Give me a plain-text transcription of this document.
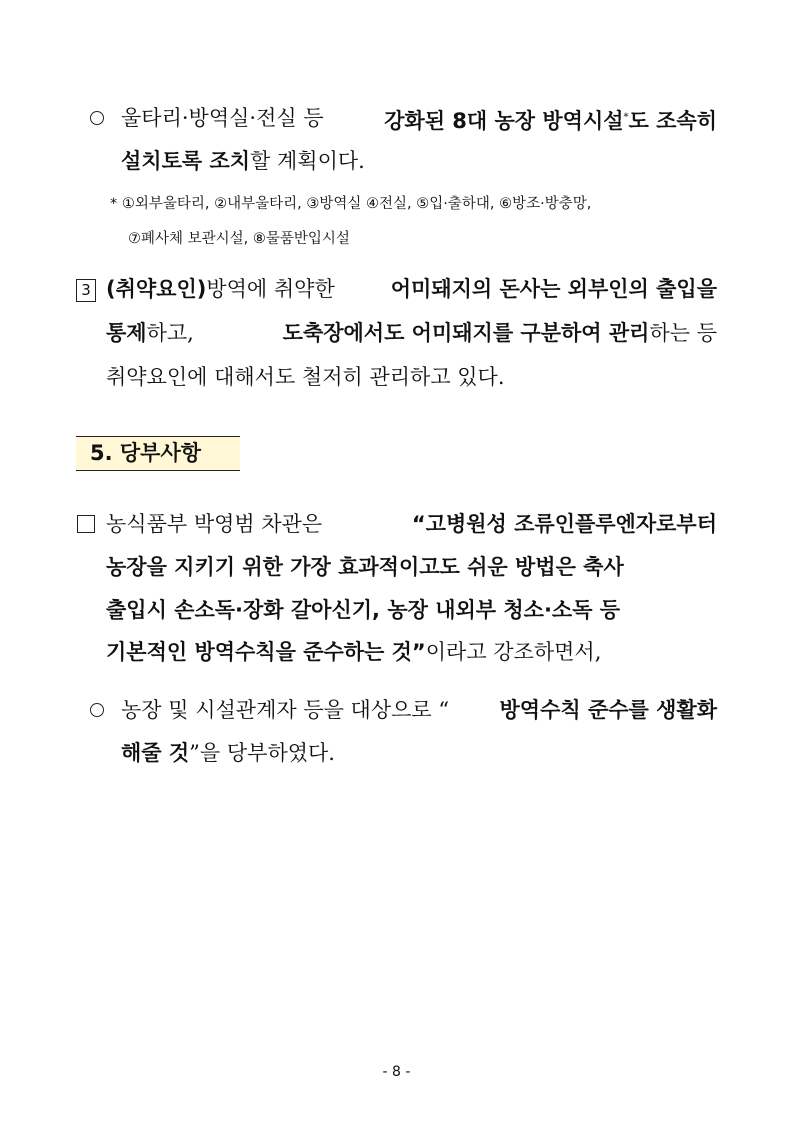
울타리·방역실·전실 등	강화된 8대 농장 방역시설*도 조속히
설치토록 조치할 계획이다.
* ①외부울타리, ②내부울타리, ③방역실 ④전실, ⑤입·출하대, ⑥방조·방충망,
⑦폐사체 보관시설, ⑧물품반입시설
3 (취약요인)방역에 취약한	어미돼지의 돈사는 외부인의 출입을
통제하고,	도축장에서도 어미돼지를 구분하여 관리하는 등
취약요인에 대해서도 철저히 관리하고 있다.
5. 당부사항
농식품부 박영범 차관은	“고병원성 조류인플루엔자로부터
농장을 지키기 위한 가장 효과적이고도 쉬운 방법은 축사
출입시 손소독·장화 갈아신기, 농장 내외부 청소·소독 등
기본적인 방역수칙을 준수하는 것”이라고 강조하면서,
농장 및 시설관계자 등을 대상으로 “ 방역수칙 준수를 생활화
해줄 것”을 당부하였다.
- 8 -
